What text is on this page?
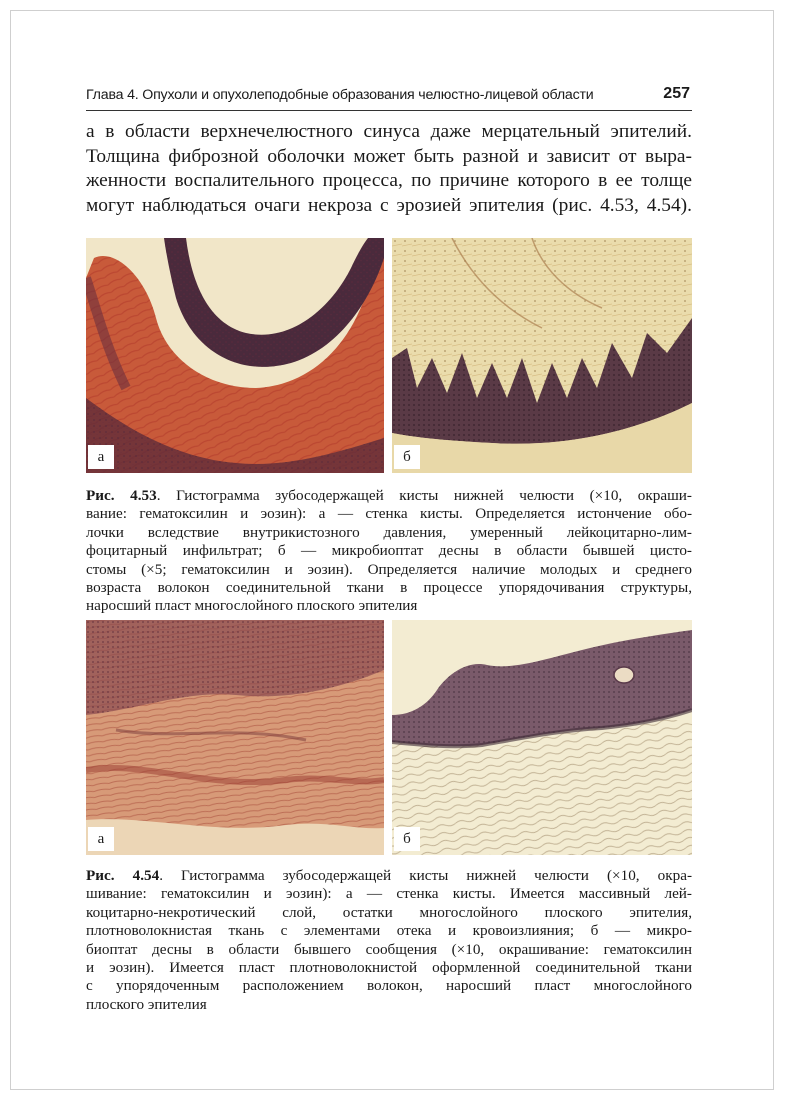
Глава 4. Опухоли и опухолеподобные образования челюстно-лицевой области	257
а в области верхнечелюстного синуса даже мерцательный эпителий.
Толщина фиброзной оболочки может быть разной и зависит от выра-
женности воспалительного процесса, по причине которого в ее толще
могут наблюдаться очаги некроза с эрозией эпителия (рис. 4.53, 4.54).
а	б
Рис. 4.53. Гистограмма зубосодержащей кисты нижней челюсти (×10, окраши-
вание: гематоксилин и эозин): а — стенка кисты. Определяется истончение обо-
лочки вследствие внутрикистозного давления, умеренный лейкоцитарно-лим-
фоцитарный инфильтрат; б — микробиоптат десны в области бывшей цисто-
стомы (×5; гематоксилин и эозин). Определяется наличие молодых и среднего
возраста волокон соединительной ткани в процессе упорядочивания структуры,
наросший пласт многослойного плоского эпителия
а	б
Рис. 4.54. Гистограмма зубосодержащей кисты нижней челюсти (×10, окра-
шивание: гематоксилин и эозин): а — стенка кисты. Имеется массивный лей-
коцитарно-некротический слой, остатки многослойного плоского эпителия,
плотноволокнистая ткань с элементами отека и кровоизлияния; б — микро-
биоптат десны в области бывшего сообщения (×10, окрашивание: гематоксилин
и эозин). Имеется пласт плотноволокнистой оформленной соединительной ткани
с упорядоченным расположением волокон, наросший пласт многослойного
плоского эпителия
